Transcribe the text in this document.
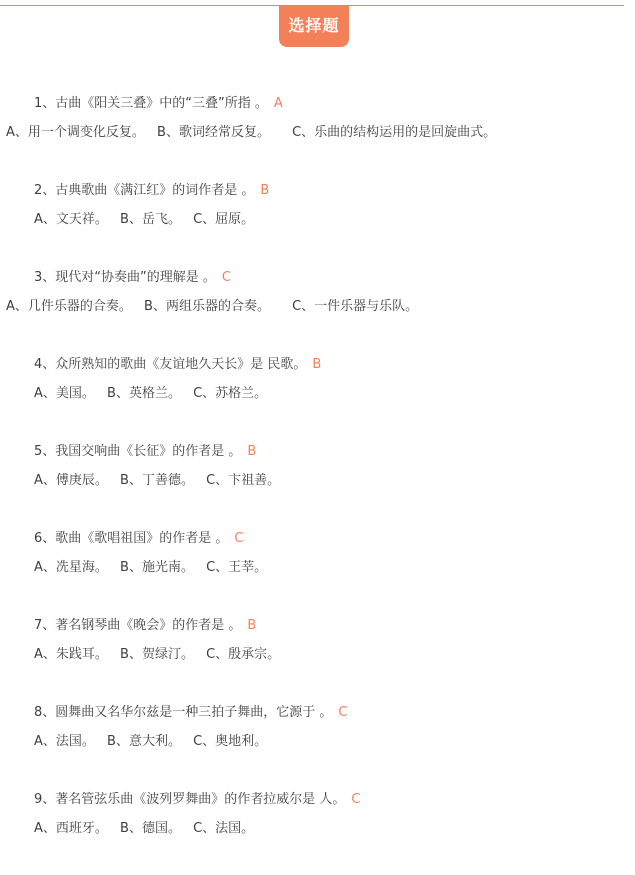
选择题
1、古曲《阳关三叠》中的“三叠”所指 。 A
A、用一个调变化反复。 B、歌词经常反复。 C、乐曲的结构运用的是回旋曲式。
2、古典歌曲《满江红》的词作者是 。 B
A、文天祥。 B、岳飞。 C、屈原。
3、现代对“协奏曲”的理解是 。 C
A、几件乐器的合奏。 B、两组乐器的合奏。 C、一件乐器与乐队。
4、众所熟知的歌曲《友谊地久天长》是 民歌。 B
A、美国。 B、英格兰。 C、苏格兰。
5、我国交响曲《长征》的作者是 。 B
A、傅庚辰。 B、丁善德。 C、卞祖善。
6、歌曲《歌唱祖国》的作者是 。 C
A、冼星海。 B、施光南。 C、王莘。
7、著名钢琴曲《晚会》的作者是 。 B
A、朱践耳。 B、贺绿汀。 C、殷承宗。
8、圆舞曲又名华尔兹是一种三拍子舞曲，它源于 。 C
A、法国。 B、意大利。 C、奥地利。
9、著名管弦乐曲《波列罗舞曲》的作者拉威尔是 人。 C
A、西班牙。 B、德国。 C、法国。
